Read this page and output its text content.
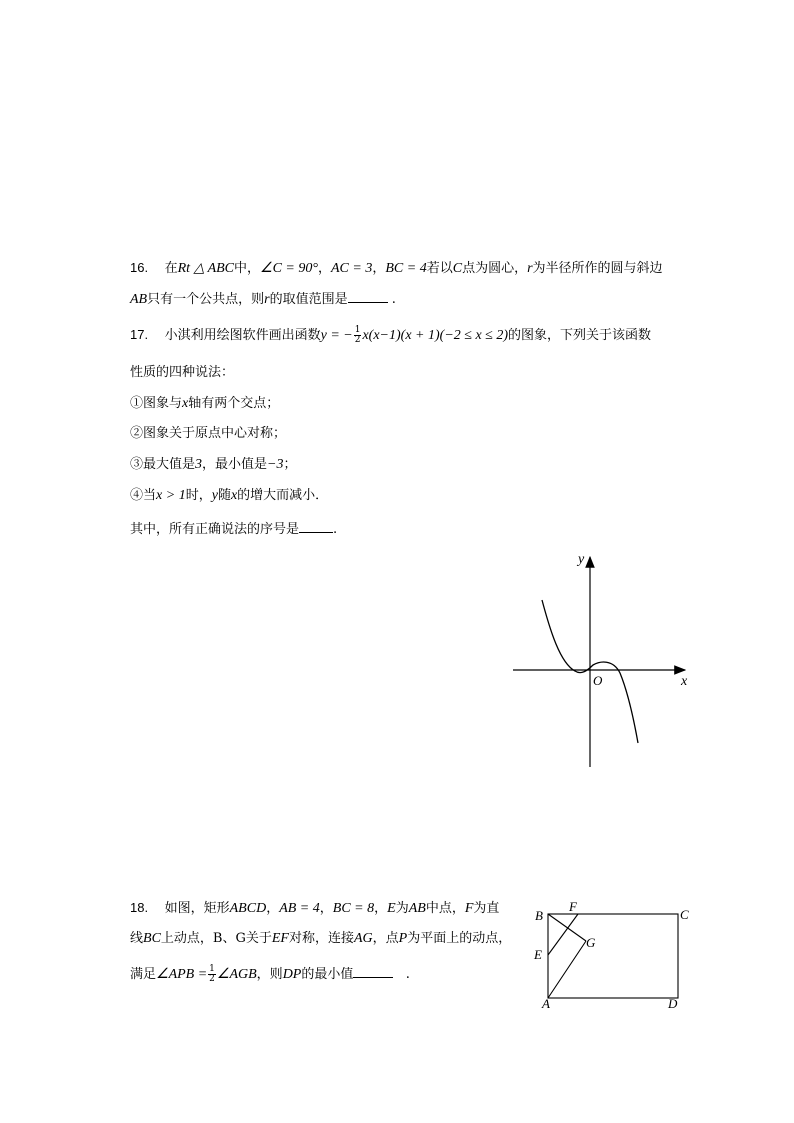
16. 在Rt △ ABC中，∠C = 90°，AC = 3，BC = 4若以C点为圆心，r为半径所作的圆与斜边
AB只有一个公共点，则r的取值范围是	.
17. 小淇利用绘图软件画出函数y = − $\frac{1}{2} x(x-1)(x + 1)(-2 \le x \le 2)$的图象，下列关于该函数
性质的四种说法：
①图象与x轴有两个交点；
②图象关于原点中心对称；
③最大值是3，最小值是−3；
④当x > 1时，y随x的增大而减小．
其中，所有正确说法的序号是	.
y
x
O
18. 如图，矩形ABCD，AB = 4，BC = 8，E为AB中点，F为直
线BC上动点，B、G关于EF对称，连接AG，点P为平面上的动点，
满足∠APB = $\frac{1}{2}$ ∠AGB，则DP的最小值	.
B
F
C
G
E
A	D
